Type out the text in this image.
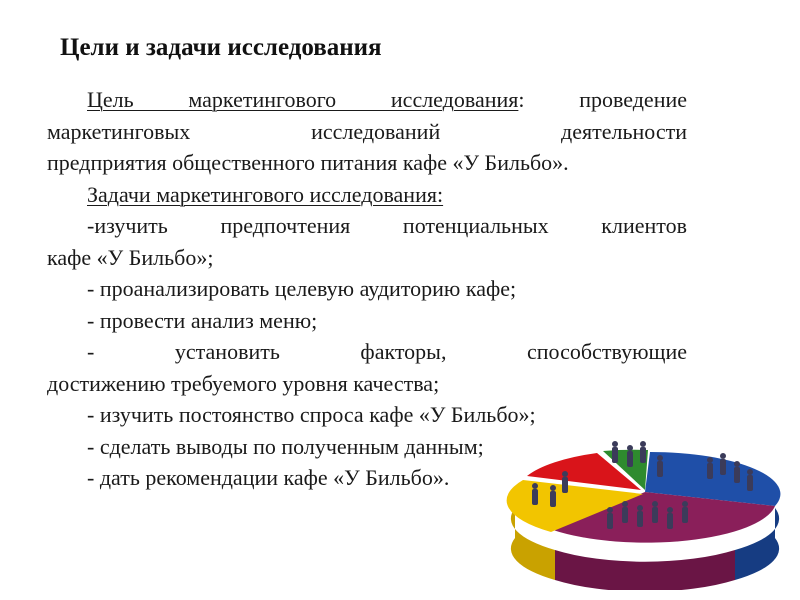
Цели и задачи исследования
Цель маркетингового исследования: проведение
маркетинговых исследований деятельности
предприятия общественного питания кафе «У Бильбо».
Задачи маркетингового исследования:
-изучить предпочтения потенциальных клиентов
кафе «У Бильбо»;
- проанализировать целевую аудиторию кафе;
- провести анализ меню;
- установить факторы, способствующие
достижению требуемого уровня качества;
- изучить постоянство спроса кафе «У Бильбо»;
- сделать выводы по полученным данным;
- дать рекомендации кафе «У Бильбо».
